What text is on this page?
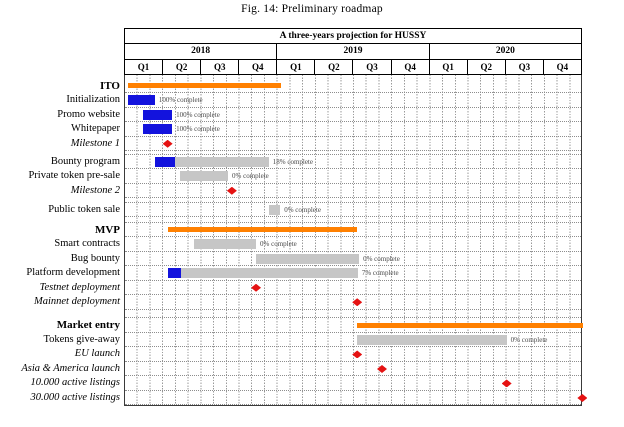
Fig. 14: Preliminary roadmap
A three-years projection for HUSSY
2018	2019	2020
Q1	Q2	Q3	Q4	Q1	Q2	Q3	Q4	Q1	Q2	Q3	Q4
ITO
Initialization
Promo website
Whitepaper
Milestone 1
Bounty program
Private token pre-sale
Milestone 2
Public token sale
MVP
Smart contracts
Bug bounty
Platform development
Testnet deployment
Mainnet deployment
Market entry
Tokens give-away
EU launch
Asia & America launch
10.000 active listings
30.000 active listings
100% complete
100% complete
100% complete
18% complete
0% complete
0% complete
0% complete
0% complete
7% complete
0% complete
